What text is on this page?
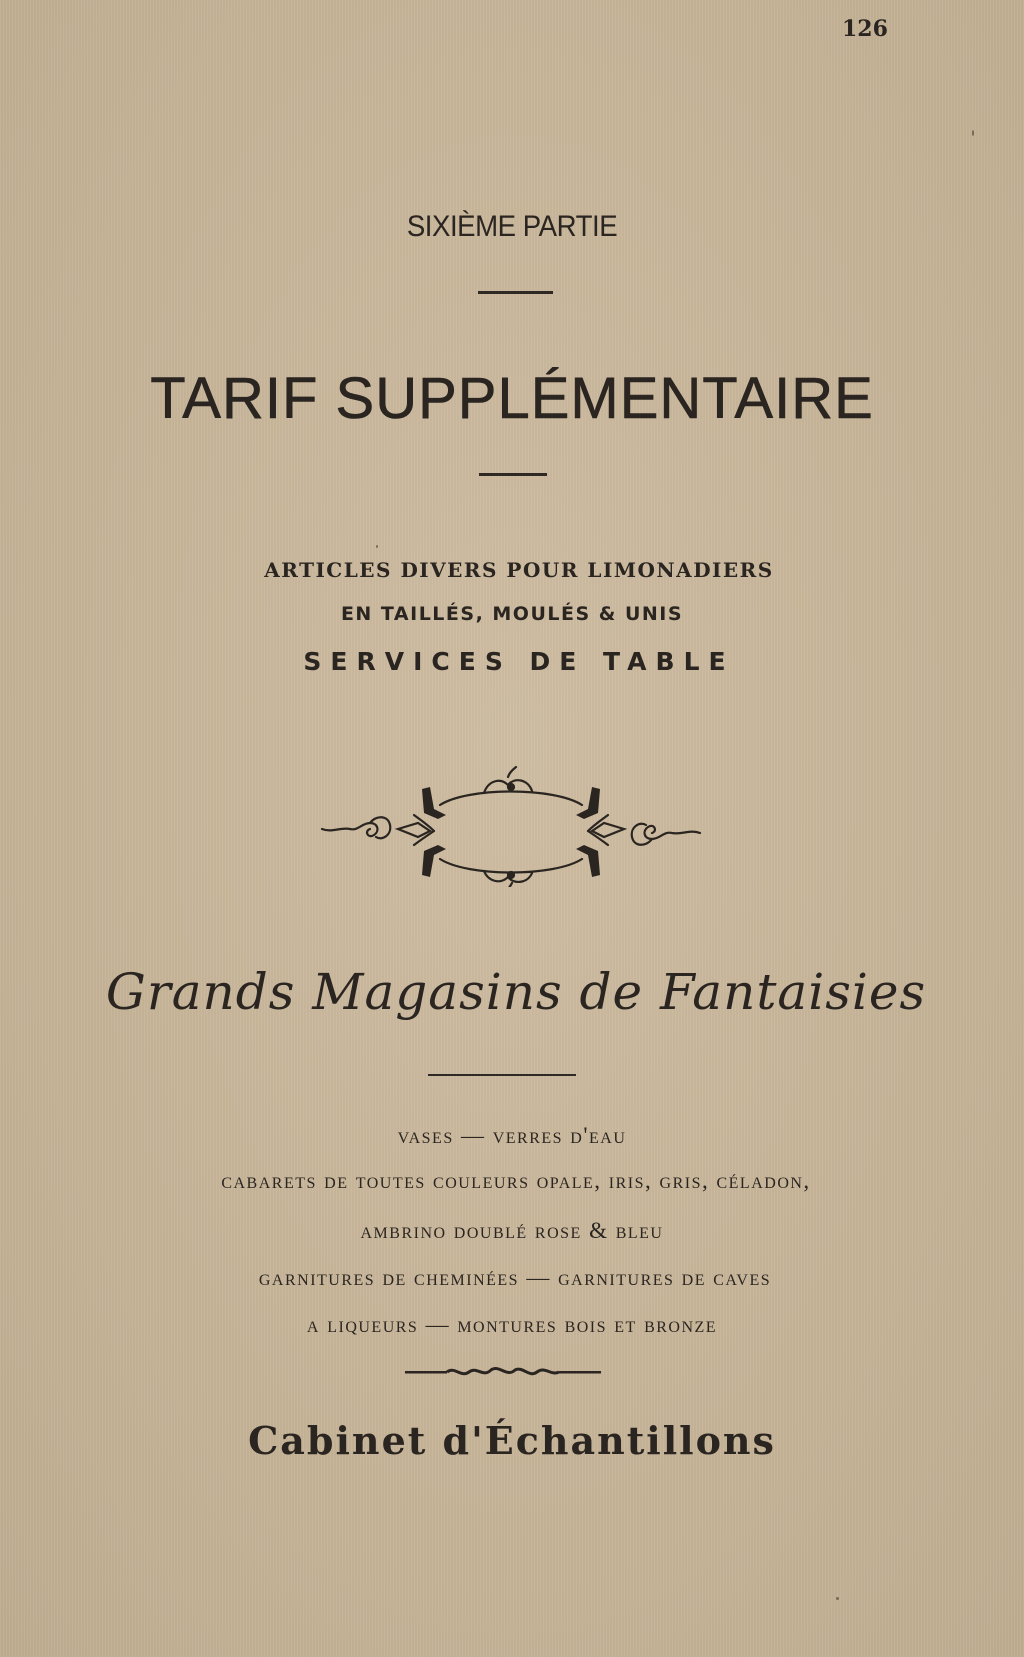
126
SIXIÈME PARTIE
TARIF SUPPLÉMENTAIRE
ARTICLES DIVERS POUR LIMONADIERS
EN TAILLÉS, MOULÉS & UNIS
SERVICES DE TABLE
Grands Magasins de Fantaisies
vases — verres d'eau
cabarets de toutes couleurs opale, iris, gris, céladon,
ambrino doublé rose & bleu
garnitures de cheminées — garnitures de caves
a liqueurs — montures bois et bronze
Cabinet d'Échantillons
